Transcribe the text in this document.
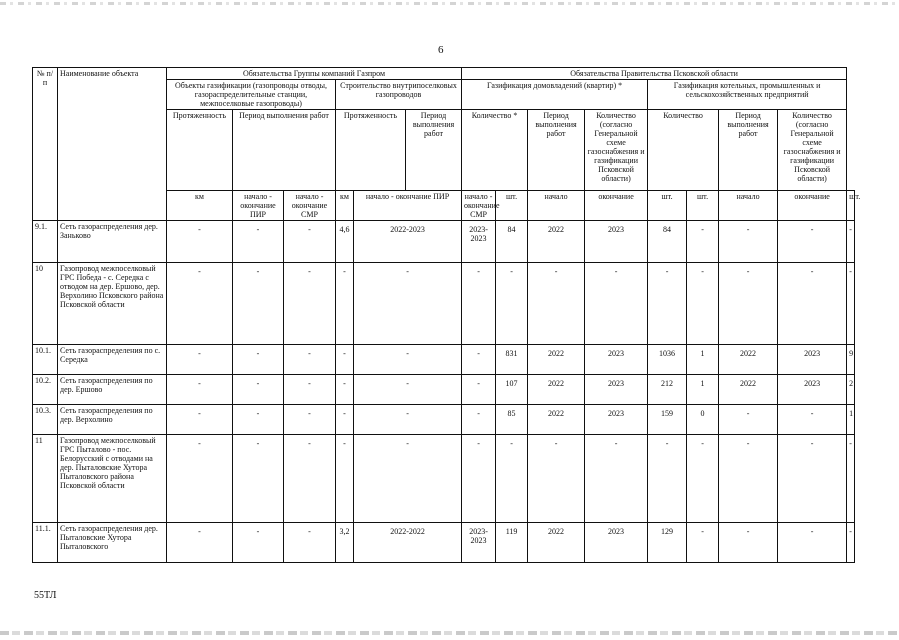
6
№ п/п	Наименование объекта	Обязательства Группы компаний Газпром						Обязательства Правительства Псковской области								
		Объекты газификации (газопроводы отводы, газораспределительные станции, межпоселковые газопроводы)			Строительство внутрипоселковых газопроводов			Газификация домовладений (квартир) *				Газификация котельных, промышленных и сельскохозяйственных предприятий				
		Протяженность	Период выполнения работ		Протяженность		Период выполнения работ	Количество *		Период выполнения работ	Количество (согласно Генеральной схеме газоснабжения и газификации Псковской области)	Количество		Период выполнения работ	Количество (согласно Генеральной схеме газоснабжения и газификации Псковской области)	
		км	начало - окончание ПИР	начало - окончание СМР	км	начало - окончание ПИР		начало - окончание СМР	шт.	начало	окончание	шт.	шт.	начало	окончание	шт.
9.1.	Сеть газораспределения дер. Заньково	-	-	-	4,6	2022-2023		2023-2023	84	2022	2023	84	-	-	-	-
10	Газопровод межпоселковый ГРС Победа - с. Середка с отводом на дер. Ершово, дер. Верхолино Псковского района Псковской области	-	-	-	-	-		-	-	-	-	-	-	-	-	-
10.1.	Сеть газораспределения по с. Середка	-	-	-	-	-		-	831	2022	2023	1036	1	2022	2023	9
10.2.	Сеть газораспределения по дер. Ершово	-	-	-	-	-		-	107	2022	2023	212	1	2022	2023	2
10.3.	Сеть газораспределения по дер. Верхолино	-	-	-	-	-		-	85	2022	2023	159	0	-	-	1
11	Газопровод межпоселковый ГРС Пыталово - пос. Белорусский с отводами на дер. Пыталовские Хутора Пыталовского района Псковской области	-	-	-	-	-		-	-	-	-	-	-	-	-	-
11.1.	Сеть газораспределения дер. Пыталовские Хутора Пыталовского	-	-	-	3,2	2022-2022		2023-2023	119	2022	2023	129	-	-	-	-
55ТЛ
